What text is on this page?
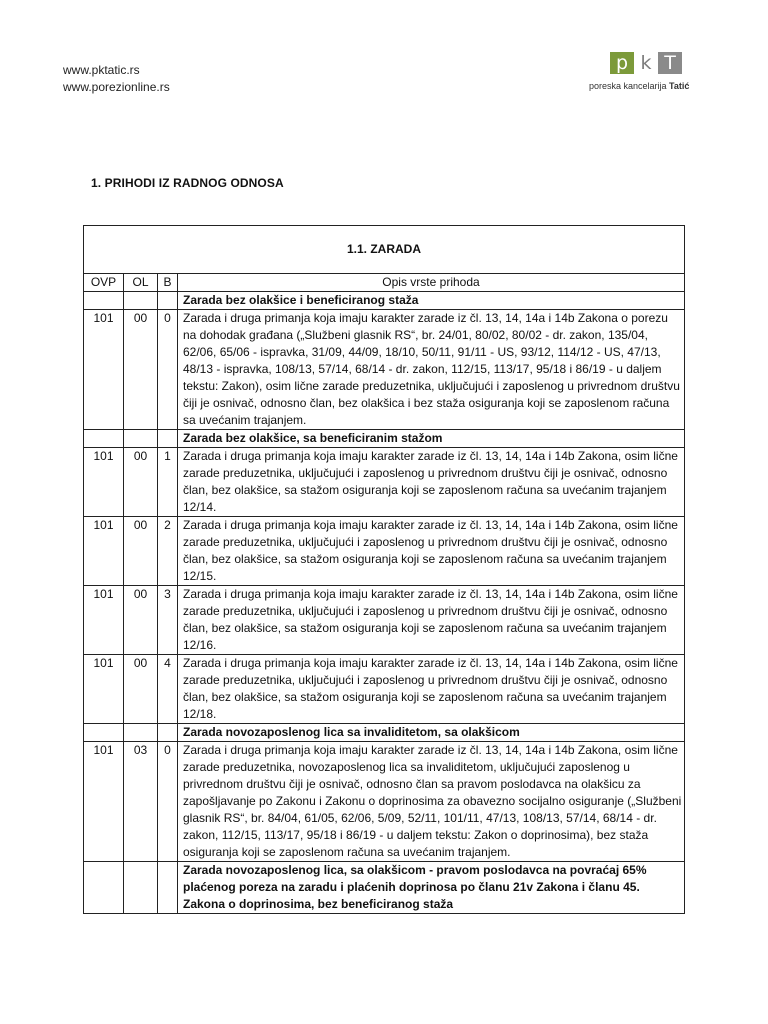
www.pktatic.rs
www.porezionline.rs
p k T
poreska kancelarija Tatić
1. PRIHODI IZ RADNOG ODNOSA
1.1. ZARADA			
OVP	OL	B	Opis vrste prihoda
			Zarada bez olakšice i beneficiranog staža
101	00	0	Zarada i druga primanja koja imaju karakter zarade iz čl. 13, 14, 14a i 14b Zakona o porezu na dohodak građana („Službeni glasnik RS“, br. 24/01, 80/02, 80/02 - dr. zakon, 135/04, 62/06, 65/06 - ispravka, 31/09, 44/09, 18/10, 50/11, 91/11 - US, 93/12, 114/12 - US, 47/13, 48/13 - ispravka, 108/13, 57/14, 68/14 - dr. zakon, 112/15, 113/17, 95/18 i 86/19 - u daljem tekstu: Zakon), osim lične zarade preduzetnika, uključujući i zaposlenog u privrednom društvu čiji je osnivač, odnosno član, bez olakšica i bez staža osiguranja koji se zaposlenom računa sa uvećanim trajanjem.
			Zarada bez olakšice, sa beneficiranim stažom
101	00	1	Zarada i druga primanja koja imaju karakter zarade iz čl. 13, 14, 14a i 14b Zakona, osim lične zarade preduzetnika, uključujući i zaposlenog u privrednom društvu čiji je osnivač, odnosno član, bez olakšice, sa stažom osiguranja koji se zaposlenom računa sa uvećanim trajanjem 12/14.
101	00	2	Zarada i druga primanja koja imaju karakter zarade iz čl. 13, 14, 14a i 14b Zakona, osim lične zarade preduzetnika, uključujući i zaposlenog u privrednom društvu čiji je osnivač, odnosno član, bez olakšice, sa stažom osiguranja koji se zaposlenom računa sa uvećanim trajanjem 12/15.
101	00	3	Zarada i druga primanja koja imaju karakter zarade iz čl. 13, 14, 14a i 14b Zakona, osim lične zarade preduzetnika, uključujući i zaposlenog u privrednom društvu čiji je osnivač, odnosno član, bez olakšice, sa stažom osiguranja koji se zaposlenom računa sa uvećanim trajanjem 12/16.
101	00	4	Zarada i druga primanja koja imaju karakter zarade iz čl. 13, 14, 14a i 14b Zakona, osim lične zarade preduzetnika, uključujući i zaposlenog u privrednom društvu čiji je osnivač, odnosno član, bez olakšice, sa stažom osiguranja koji se zaposlenom računa sa uvećanim trajanjem 12/18.
			Zarada novozaposlenog lica sa invaliditetom, sa olakšicom
101	03	0	Zarada i druga primanja koja imaju karakter zarade iz čl. 13, 14, 14a i 14b Zakona, osim lične zarade preduzetnika, novozaposlenog lica sa invaliditetom, uključujući zaposlenog u privrednom društvu čiji je osnivač, odnosno član sa pravom poslodavca na olakšicu za zapošljavanje po Zakonu i Zakonu o doprinosima za obavezno socijalno osiguranje („Službeni glasnik RS“, br. 84/04, 61/05, 62/06, 5/09, 52/11, 101/11, 47/13, 108/13, 57/14, 68/14 - dr. zakon, 112/15, 113/17, 95/18 i 86/19 - u daljem tekstu: Zakon o doprinosima), bez staža osiguranja koji se zaposlenom računa sa uvećanim trajanjem.
			Zarada novozaposlenog lica, sa olakšicom - pravom poslodavca na povraćaj 65% plaćenog poreza na zaradu i plaćenih doprinosa po članu 21v Zakona i članu 45. Zakona o doprinosima, bez beneficiranog staža
